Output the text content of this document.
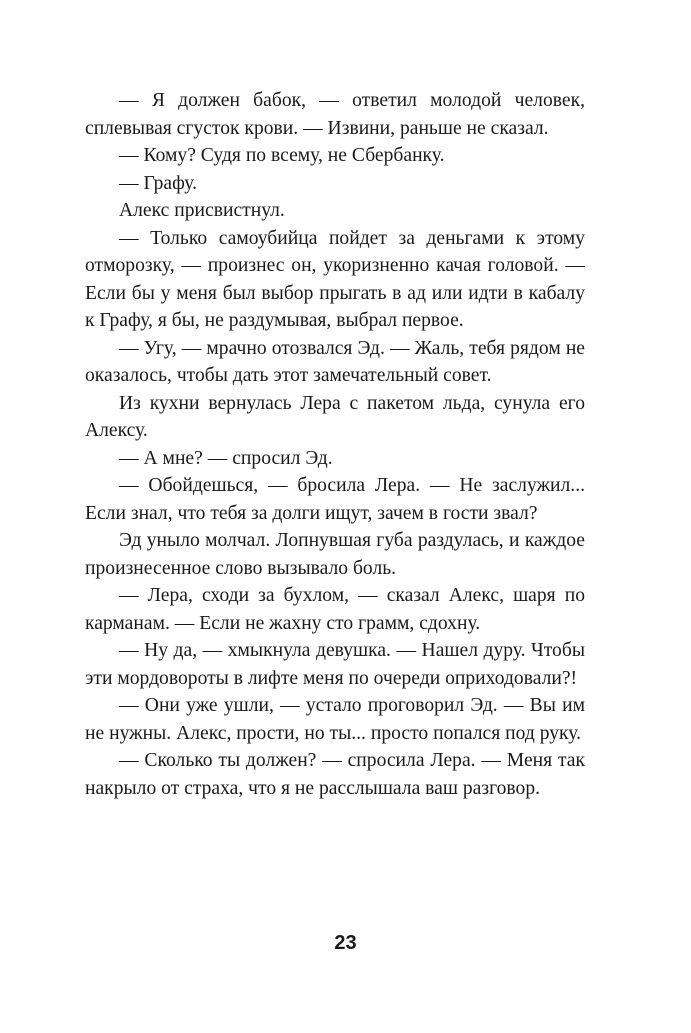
— Я должен бабок, — ответил молодой человек, сплевывая сгусток крови. — Извини, раньше не сказал.

— Кому? Судя по всему, не Сбербанку.

— Графу.

Алекс присвистнул.

— Только самоубийца пойдет за деньгами к этому отморозку, — произнес он, укоризненно качая головой. — Если бы у меня был выбор прыгать в ад или идти в кабалу к Графу, я бы, не раздумывая, выбрал первое.

— Угу, — мрачно отозвался Эд. — Жаль, тебя рядом не оказалось, чтобы дать этот замечательный совет.

Из кухни вернулась Лера с пакетом льда, сунула его Алексу.

— А мне? — спросил Эд.

— Обойдешься, — бросила Лера. — Не заслужил... Если знал, что тебя за долги ищут, зачем в гости звал?

Эд уныло молчал. Лопнувшая губа раздулась, и каждое произнесенное слово вызывало боль.

— Лера, сходи за бухлом, — сказал Алекс, шаря по карманам. — Если не жахну сто грамм, сдохну.

— Ну да, — хмыкнула девушка. — Нашел дуру. Чтобы эти мордовороты в лифте меня по очереди оприходовали?!

— Они уже ушли, — устало проговорил Эд. — Вы им не нужны. Алекс, прости, но ты... просто попался под руку.

— Сколько ты должен? — спросила Лера. — Меня так накрыло от страха, что я не расслышала ваш разговор.

23
